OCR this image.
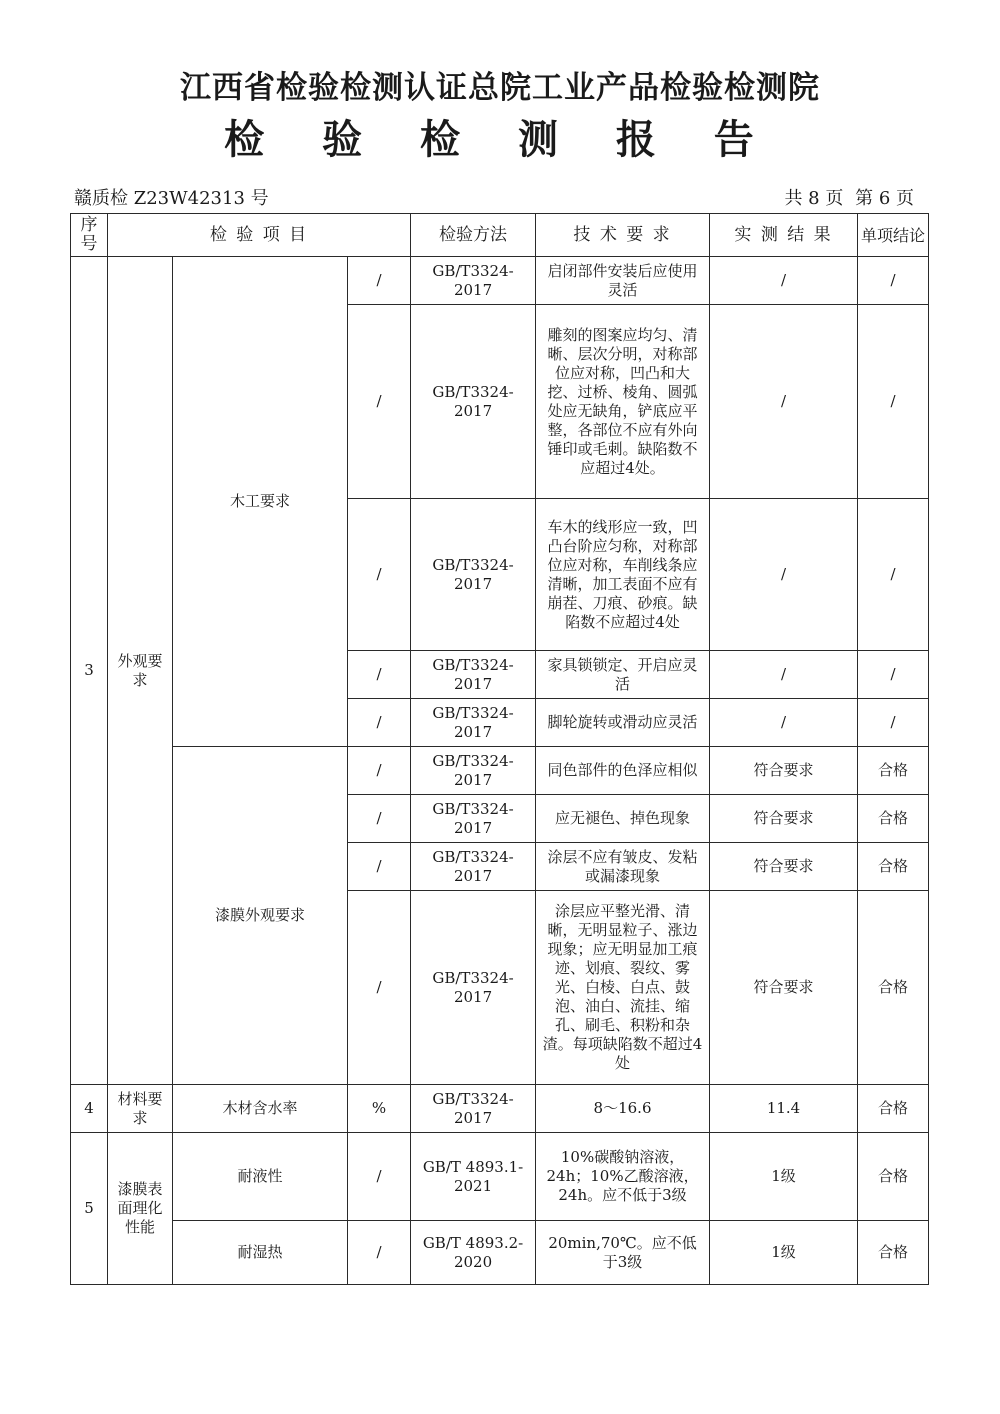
江西省检验检测认证总院工业产品检验检测院
检 验 检 测 报 告
赣质检 Z23W42313 号	共 8 页 第 6 页
序号	检 验 项 目			检验方法	技 术 要 求	实 测 结 果	单项结论
3	外观要求	木工要求	/	GB/T3324-2017	启闭部件安装后应使用灵活	/	/
			/	GB/T3324-2017	雕刻的图案应均匀、清晰、层次分明，对称部位应对称，凹凸和大挖、过桥、棱角、圆弧处应无缺角，铲底应平整，各部位不应有外向锤印或毛刺。缺陷数不应超过4处。	/	/
			/	GB/T3324-2017	车木的线形应一致，凹凸台阶应匀称，对称部位应对称，车削线条应清晰，加工表面不应有崩茬、刀痕、砂痕。缺陷数不应超过4处	/	/
			/	GB/T3324-2017	家具锁锁定、开启应灵活	/	/
			/	GB/T3324-2017	脚轮旋转或滑动应灵活	/	/
		漆膜外观要求	/	GB/T3324-2017	同色部件的色泽应相似	符合要求	合格
			/	GB/T3324-2017	应无褪色、掉色现象	符合要求	合格
			/	GB/T3324-2017	涂层不应有皱皮、发粘或漏漆现象	符合要求	合格
			/	GB/T3324-2017	涂层应平整光滑、清晰，无明显粒子、涨边现象；应无明显加工痕迹、划痕、裂纹、雾光、白棱、白点、鼓泡、油白、流挂、缩孔、刷毛、积粉和杂渣。每项缺陷数不超过4处	符合要求	合格
4	材料要求	木材含水率	%	GB/T3324-2017	8～16.6	11.4	合格
5	漆膜表面理化性能	耐液性	/	GB/T 4893.1-2021	10%碳酸钠溶液，24h；10%乙酸溶液，24h。应不低于3级	1级	合格
		耐湿热	/	GB/T 4893.2-2020	20min,70℃。应不低于3级	1级	合格
